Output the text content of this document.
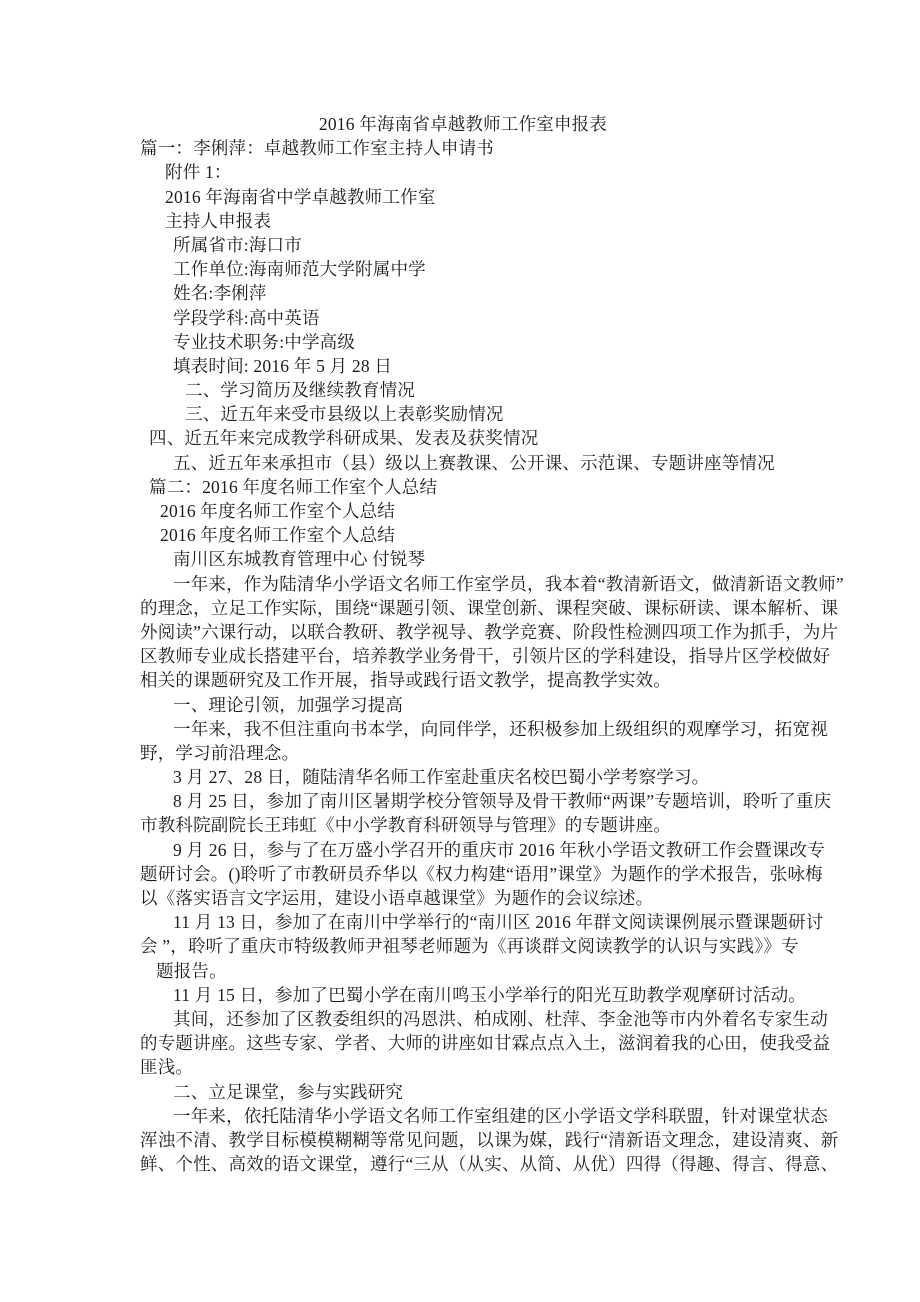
2016 年海南省卓越教师工作室申报表
篇一：李俐萍：卓越教师工作室主持人申请书
附件 1：
2016 年海南省中学卓越教师工作室
主持人申报表
所属省市:海口市
工作单位:海南师范大学附属中学
姓名:李俐萍
学段学科:高中英语
专业技术职务:中学高级
填表时间: 2016 年 5 月 28 日
二、学习简历及继续教育情况
三、近五年来受市县级以上表彰奖励情况
四、近五年来完成教学科研成果、发表及获奖情况
五、近五年来承担市（县）级以上赛教课、公开课、示范课、专题讲座等情况
篇二：2016 年度名师工作室个人总结
2016 年度名师工作室个人总结
2016 年度名师工作室个人总结
南川区东城教育管理中心 付锐琴
一年来，作为陆清华小学语文名师工作室学员，我本着“教清新语文，做清新语文教师”
的理念，立足工作实际，围绕“课题引领、课堂创新、课程突破、课标研读、课本解析、课
外阅读”六课行动，以联合教研、教学视导、教学竞赛、阶段性检测四项工作为抓手，为片
区教师专业成长搭建平台，培养教学业务骨干，引领片区的学科建设，指导片区学校做好
相关的课题研究及工作开展，指导或践行语文教学，提高教学实效。
一、理论引领，加强学习提高
一年来，我不但注重向书本学，向同伴学，还积极参加上级组织的观摩学习，拓宽视
野，学习前沿理念。
3 月 27、28 日，随陆清华名师工作室赴重庆名校巴蜀小学考察学习。
8 月 25 日，参加了南川区暑期学校分管领导及骨干教师“两课”专题培训，聆听了重庆
市教科院副院长王玮虹《中小学教育科研领导与管理》的专题讲座。
9 月 26 日，参与了在万盛小学召开的重庆市 2016 年秋小学语文教研工作会暨课改专
题研讨会。()聆听了市教研员乔华以《权力构建“语用”课堂》为题作的学术报告，张咏梅
以《落实语言文字运用，建设小语卓越课堂》为题作的会议综述。
11 月 13 日，参加了在南川中学举行的“南川区 2016 年群文阅读课例展示暨课题研讨
会 ”，聆听了重庆市特级教师尹祖琴老师题为《再谈群文阅读教学的认识与实践》》专
题报告。
11 月 15 日，参加了巴蜀小学在南川鸣玉小学举行的阳光互助教学观摩研讨活动。
其间，还参加了区教委组织的冯恩洪、柏成刚、杜萍、李金池等市内外着名专家生动
的专题讲座。这些专家、学者、大师的讲座如甘霖点点入土，滋润着我的心田，使我受益
匪浅。
二、立足课堂，参与实践研究
一年来，依托陆清华小学语文名师工作室组建的区小学语文学科联盟，针对课堂状态
浑浊不清、教学目标模模糊糊等常见问题，以课为媒，践行“清新语文理念，建设清爽、新
鲜、个性、高效的语文课堂，遵行“三从（从实、从简、从优）四得（得趣、得言、得意、
